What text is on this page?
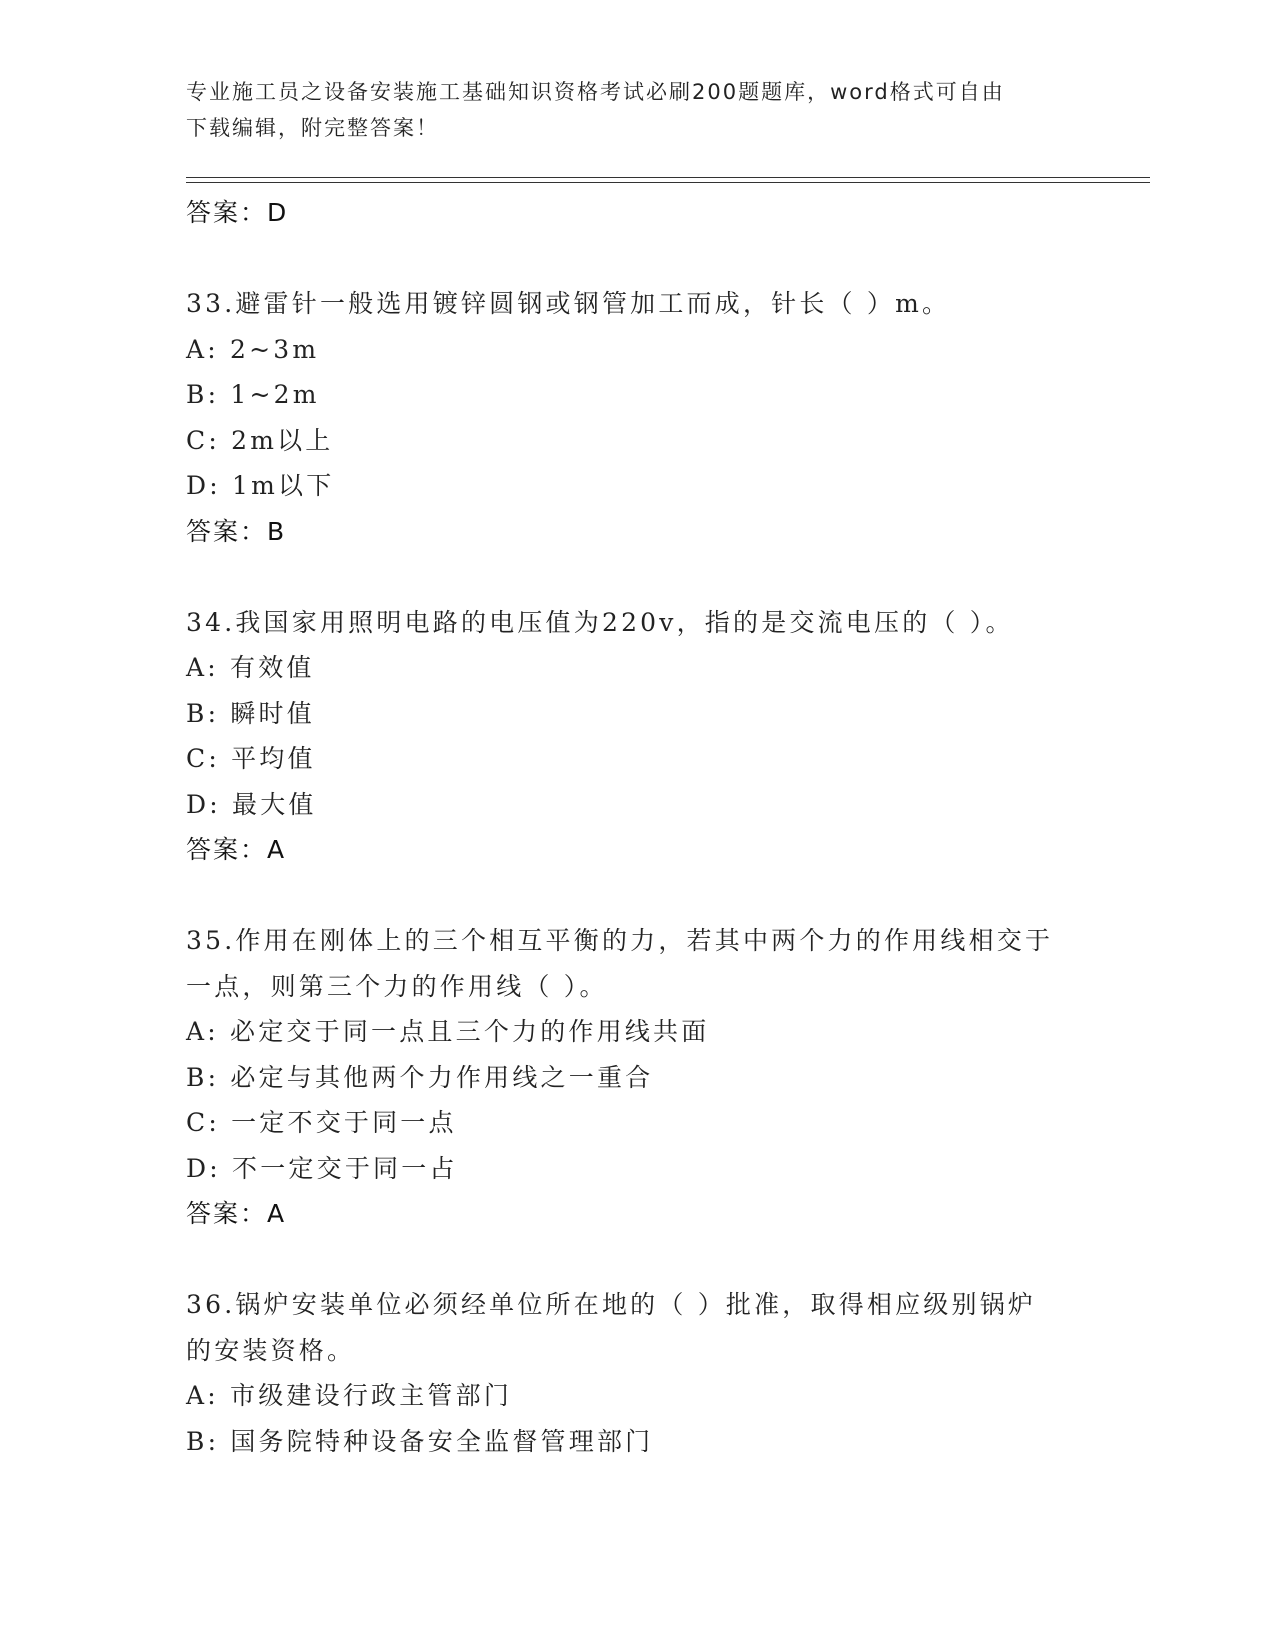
专业施工员之设备安装施工基础知识资格考试必刷200题题库，word格式可自由
下载编辑，附完整答案！
答案：D
33.避雷针一般选用镀锌圆钢或钢管加工而成，针长（ ）m。
A: 2~3m
B: 1~2m
C: 2m以上
D: 1m以下
答案：B
34.我国家用照明电路的电压值为220v，指的是交流电压的（ ）。
A: 有效值
B: 瞬时值
C: 平均值
D: 最大值
答案：A
35.作用在刚体上的三个相互平衡的力，若其中两个力的作用线相交于
一点，则第三个力的作用线（ ）。
A: 必定交于同一点且三个力的作用线共面
B: 必定与其他两个力作用线之一重合
C: 一定不交于同一点
D: 不一定交于同一占
答案：A
36.锅炉安装单位必须经单位所在地的（ ）批准，取得相应级别锅炉
的安装资格。
A: 市级建设行政主管部门
B: 国务院特种设备安全监督管理部门
